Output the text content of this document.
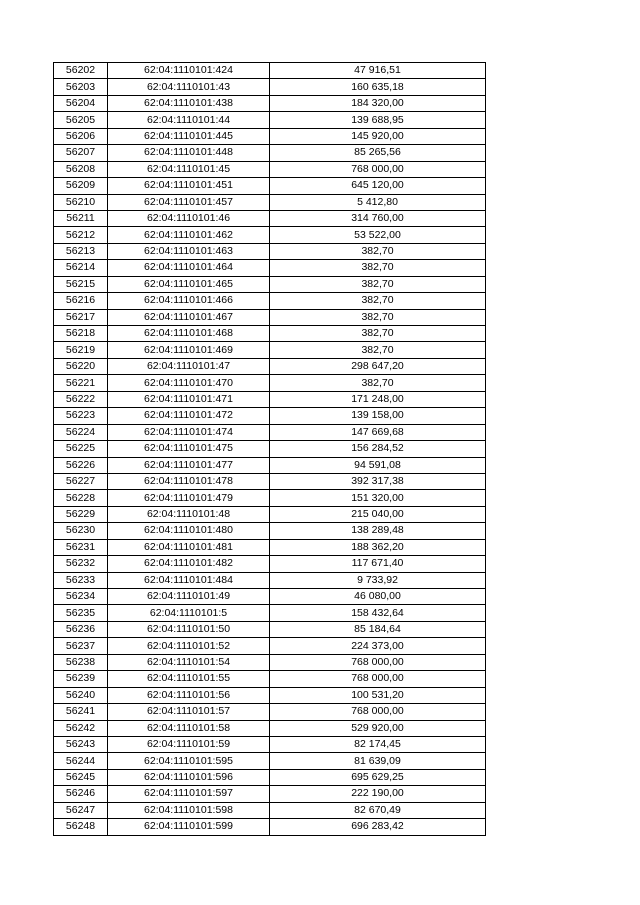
56202	62:04:1110101:424	47 916,51
56203	62:04:1110101:43	160 635,18
56204	62:04:1110101:438	184 320,00
56205	62:04:1110101:44	139 688,95
56206	62:04:1110101:445	145 920,00
56207	62:04:1110101:448	85 265,56
56208	62:04:1110101:45	768 000,00
56209	62:04:1110101:451	645 120,00
56210	62:04:1110101:457	5 412,80
56211	62:04:1110101:46	314 760,00
56212	62:04:1110101:462	53 522,00
56213	62:04:1110101:463	382,70
56214	62:04:1110101:464	382,70
56215	62:04:1110101:465	382,70
56216	62:04:1110101:466	382,70
56217	62:04:1110101:467	382,70
56218	62:04:1110101:468	382,70
56219	62:04:1110101:469	382,70
56220	62:04:1110101:47	298 647,20
56221	62:04:1110101:470	382,70
56222	62:04:1110101:471	171 248,00
56223	62:04:1110101:472	139 158,00
56224	62:04:1110101:474	147 669,68
56225	62:04:1110101:475	156 284,52
56226	62:04:1110101:477	94 591,08
56227	62:04:1110101:478	392 317,38
56228	62:04:1110101:479	151 320,00
56229	62:04:1110101:48	215 040,00
56230	62:04:1110101:480	138 289,48
56231	62:04:1110101:481	188 362,20
56232	62:04:1110101:482	117 671,40
56233	62:04:1110101:484	9 733,92
56234	62:04:1110101:49	46 080,00
56235	62:04:1110101:5	158 432,64
56236	62:04:1110101:50	85 184,64
56237	62:04:1110101:52	224 373,00
56238	62:04:1110101:54	768 000,00
56239	62:04:1110101:55	768 000,00
56240	62:04:1110101:56	100 531,20
56241	62:04:1110101:57	768 000,00
56242	62:04:1110101:58	529 920,00
56243	62:04:1110101:59	82 174,45
56244	62:04:1110101:595	81 639,09
56245	62:04:1110101:596	695 629,25
56246	62:04:1110101:597	222 190,00
56247	62:04:1110101:598	82 670,49
56248	62:04:1110101:599	696 283,42
